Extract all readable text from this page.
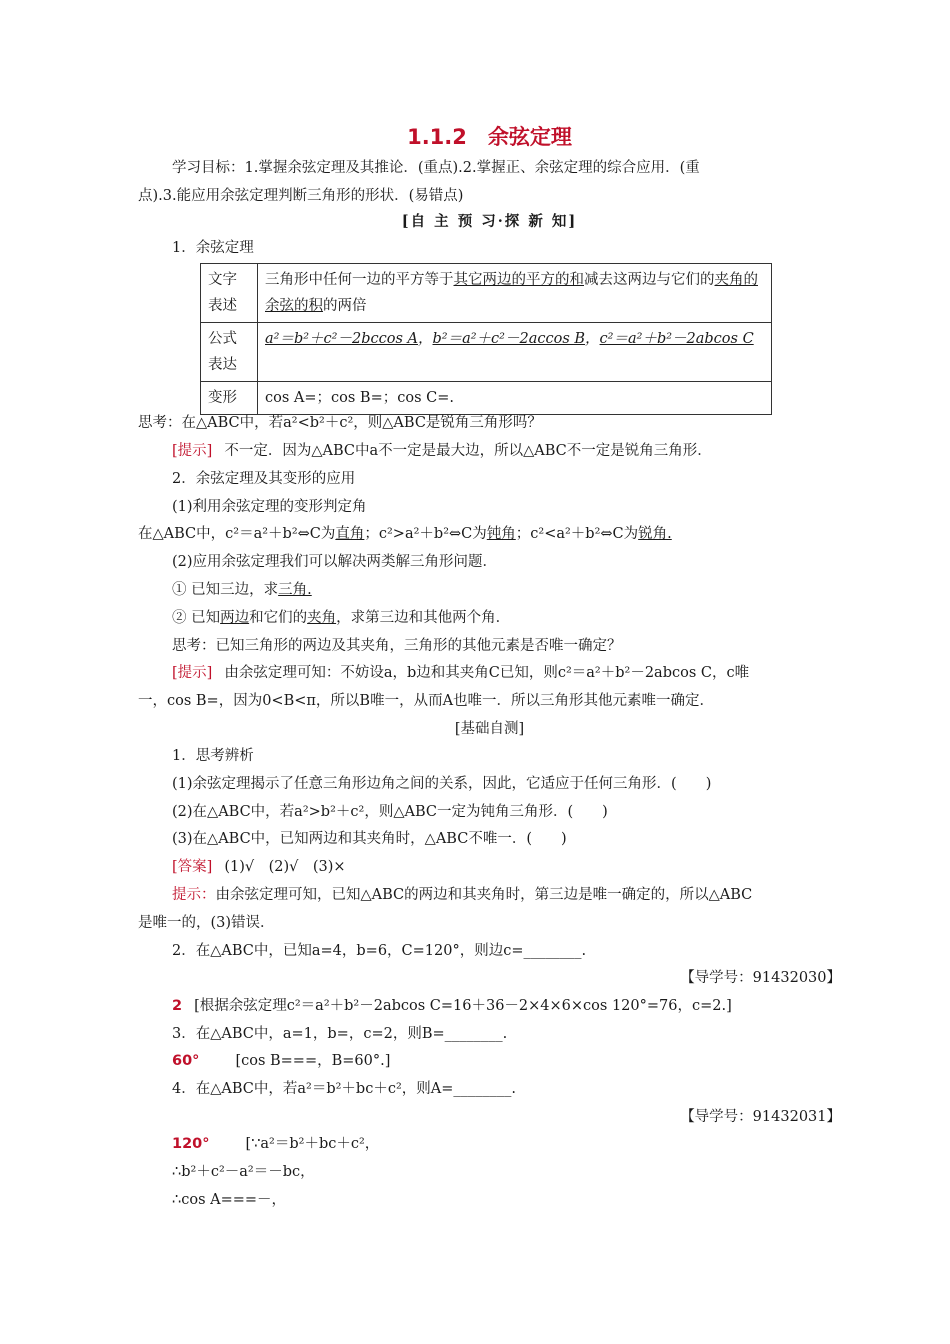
1.1.2　余弦定理
学习目标：1.掌握余弦定理及其推论．(重点).2.掌握正、余弦定理的综合应用．(重
点).3.能应用余弦定理判断三角形的形状．(易错点)
[自 主 预 习·探 新 知]
1．余弦定理
文字表述	三角形中任何一边的平方等于其它两边的平方的和减去这两边与它们的夹角的余弦的积的两倍
公式表达	a²＝b²＋c²－2bccos A，b²＝a²＋c²－2accos B，c²＝a²＋b²－2abcos C
变形	cos A=；cos B=；cos C=.
思考：在△ABC中，若a²<b²＋c²，则△ABC是锐角三角形吗？
[提示] 不一定．因为△ABC中a不一定是最大边，所以△ABC不一定是锐角三角形．
2．余弦定理及其变形的应用
(1)利用余弦定理的变形判定角
在△ABC中，c²＝a²＋b²⇔C为直角；c²>a²＋b²⇔C为钝角；c²<a²＋b²⇔C为锐角.
(2)应用余弦定理我们可以解决两类解三角形问题．
① 已知三边，求三角.
② 已知两边和它们的夹角，求第三边和其他两个角．
思考：已知三角形的两边及其夹角，三角形的其他元素是否唯一确定？
[提示] 由余弦定理可知：不妨设a，b边和其夹角C已知，则c²＝a²＋b²－2abcos C，c唯
一，cos B=，因为0<B<π，所以B唯一，从而A也唯一．所以三角形其他元素唯一确定．
[基础自测]
1．思考辨析
(1)余弦定理揭示了任意三角形边角之间的关系，因此，它适应于任何三角形．(　　)
(2)在△ABC中，若a²>b²＋c²，则△ABC一定为钝角三角形．(　　)
(3)在△ABC中，已知两边和其夹角时，△ABC不唯一．(　　)
[答案] (1)√　(2)√　(3)×
提示：由余弦定理可知，已知△ABC的两边和其夹角时，第三边是唯一确定的，所以△ABC
是唯一的，(3)错误．
2．在△ABC中，已知a=4，b=6，C=120°，则边c=________.
【导学号：91432030】
2 [根据余弦定理c²＝a²＋b²－2abcos C=16＋36－2×4×6×cos 120°=76，c=2.]
3．在△ABC中，a=1，b=，c=2，则B=________.
60° [cos B===，B=60°.]
4．在△ABC中，若a²＝b²＋bc＋c²，则A=________.
【导学号：91432031】
120° [∵a²＝b²＋bc＋c²，
∴b²＋c²－a²＝－bc，
∴cos A===－，
